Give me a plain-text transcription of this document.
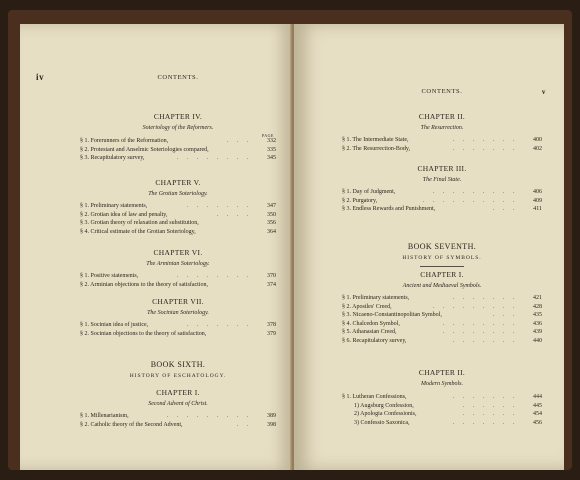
iv	CONTENTS.
CHAPTER IV.
Soteriology of the Reformers.
PAGE
§ 1. Forerunners of the Reformation,	. . .	332
§ 2. Protestant and Anselmic Soteriologies compared,	335
§ 3. Recapitulatory survey,	. . . . . . . .	345
CHAPTER V.
The Grotian Soteriology.
§ 1. Preliminary statements,	. . . . . . .	347
§ 2. Grotian idea of law and penalty,	. . . .	350
§ 3. Grotian theory of relaxation and substitution,	356
§ 4. Critical estimate of the Grotian Soteriology,	364
CHAPTER VI.
The Arminian Soteriology.
§ 1. Positive statements,	. . . . . . . .	370
§ 2. Arminian objections to the theory of satisfaction,	374
CHAPTER VII.
The Socinian Soteriology.
§ 1. Socinian idea of justice,	. . . . . . .	378
§ 2. Socinian objections to the theory of satisfaction,	379
BOOK SIXTH.
HISTORY OF ESCHATOLOGY.
CHAPTER I.
Second Advent of Christ.
§ 1. Millenarianism,	. . . . . . . . .	389
§ 2. Catholic theory of the Second Advent,	. .	398
CONTENTS.	v
CHAPTER II.
The Resurrection.
§ 1. The Intermediate State,	. . . . . . .	400
§ 2. The Resurrection-Body,	. . . . . . .	402
CHAPTER III.
The Final State.
§ 1. Day of Judgment,	. . . . . . . . .	406
§ 2. Purgatory,	. . . . . . . . . .	409
§ 3. Endless Rewards and Punishment,	. . .	411
BOOK SEVENTH.
HISTORY OF SYMBOLS.
CHAPTER I.
Ancient and Mediaeval Symbols.
§ 1. Preliminary statements,	. . . . . . .	421
§ 2. Apostles' Creed,	. . . . . . . . .	428
§ 3. Nicaeno-Constantinopolitan Symbol,	. . .	435
§ 4. Chalcedon Symbol,	. . . . . . . .	436
§ 5. Athanasian Creed,	. . . . . . . .	439
§ 6. Recapitulatory survey,	. . . . . . .	440
CHAPTER II.
Modern Symbols.
§ 1. Lutheran Confessions,	. . . . . . .	444
1) Augsburg Confession,	. . . . . .	445
2) Apologia Confessionis,	. . . . . .	454
3) Confessio Saxonica,	. . . . . . .	456
